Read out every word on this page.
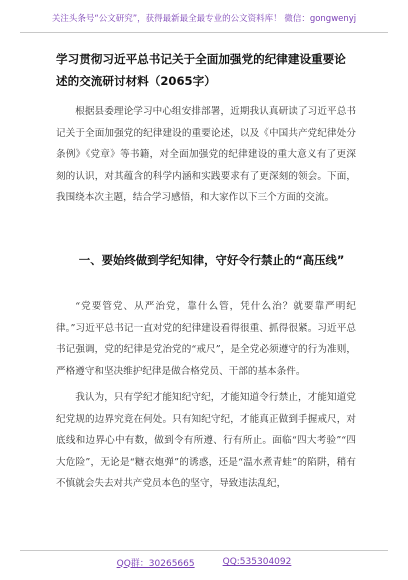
关注头条号“公文研究”，获得最新最全最专业的公文资料库！ 微信：gongwenyj
学习贯彻习近平总书记关于全面加强党的纪律建设重要论述的交流研讨材料（2065字）

根据县委理论学习中心组安排部署，近期我认真研读了习近平总书记关于全面加强党的纪律建设的重要论述，以及《中国共产党纪律处分条例》《党章》等书籍，对全面加强党的纪律建设的重大意义有了更深刻的认识，对其蕴含的科学内涵和实践要求有了更深刻的领会。下面，我围绕本次主题，结合学习感悟，和大家作以下三个方面的交流。

一、要始终做到学纪知律，守好令行禁止的“高压线”

“党要管党、从严治党，靠什么管，凭什么治？就要靠严明纪律。”习近平总书记一直对党的纪律建设看得很重、抓得很紧。习近平总书记强调，党的纪律是党治党的“戒尺”，是全党必须遵守的行为准则，严格遵守和坚决维护纪律是做合格党员、干部的基本条件。

我认为，只有学纪才能知纪守纪，才能知道令行禁止，才能知道党纪党规的边界究竟在何处。只有知纪守纪，才能真正做到手握戒尺，对底线和边界心中有数，做到令有所遵、行有所止。面临“四大考验”“四大危险”，无论是“糖衣炮弹”的诱惑，还是“温水煮青蛙”的陷阱，稍有不慎就会失去对共产党员本色的坚守，导致违法乱纪，

QQ群：30265665	QQ:535304092
